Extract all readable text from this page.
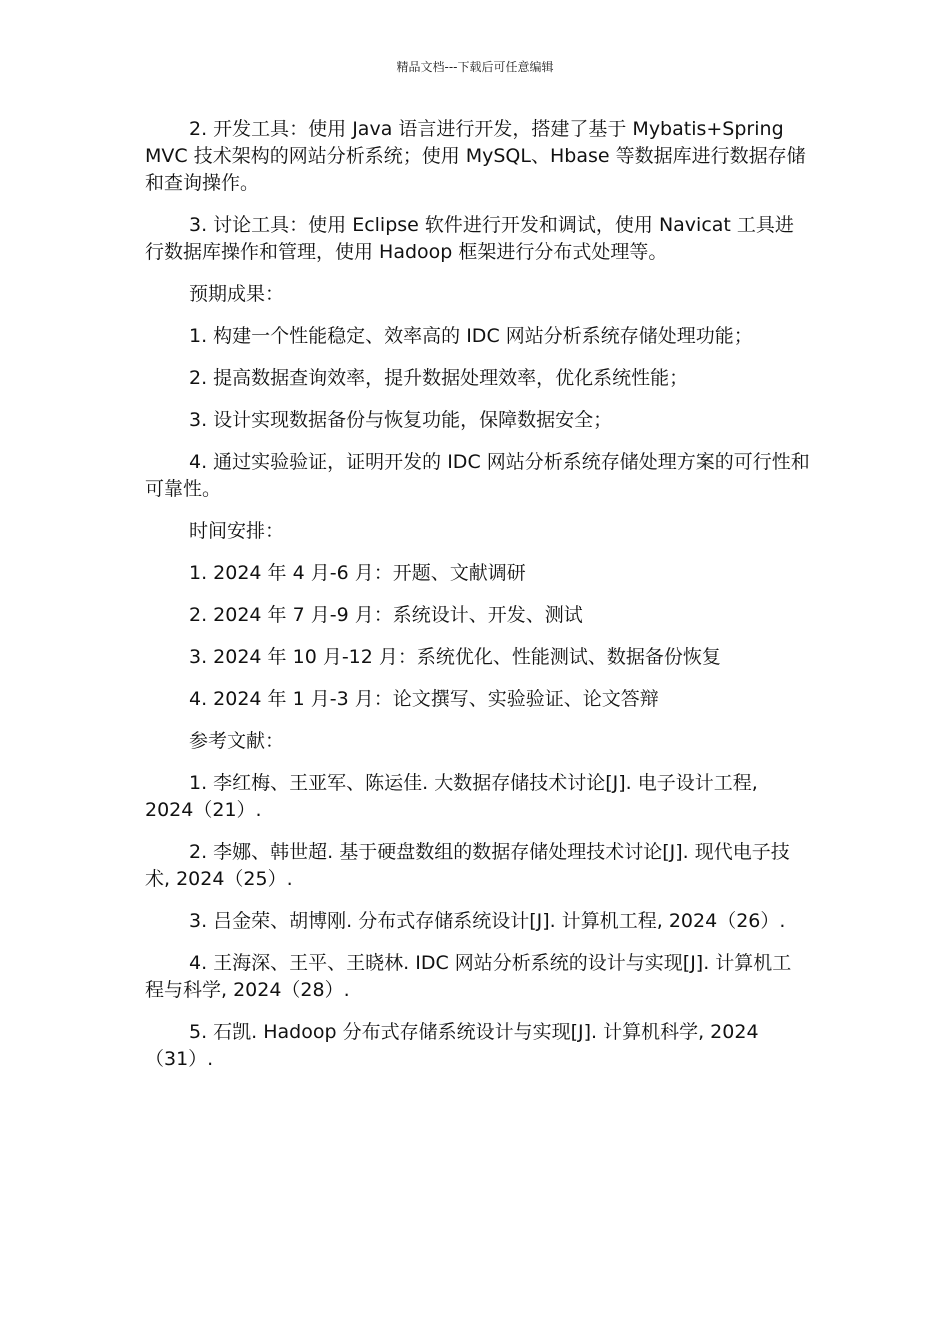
精品文档---下载后可任意编辑

2. 开发工具：使用 Java 语言进行开发，搭建了基于 Mybatis+Spring MVC 技术架构的网站分析系统；使用 MySQL、Hbase 等数据库进行数据存储和查询操作。

3. 讨论工具：使用 Eclipse 软件进行开发和调试，使用 Navicat 工具进行数据库操作和管理，使用 Hadoop 框架进行分布式处理等。

预期成果：

1. 构建一个性能稳定、效率高的 IDC 网站分析系统存储处理功能；

2. 提高数据查询效率，提升数据处理效率，优化系统性能；

3. 设计实现数据备份与恢复功能，保障数据安全；

4. 通过实验验证，证明开发的 IDC 网站分析系统存储处理方案的可行性和可靠性。

时间安排：

1. 2024 年 4 月-6 月：开题、文献调研

2. 2024 年 7 月-9 月：系统设计、开发、测试

3. 2024 年 10 月-12 月：系统优化、性能测试、数据备份恢复

4. 2024 年 1 月-3 月：论文撰写、实验验证、论文答辩

参考文献：

1. 李红梅、王亚军、陈运佳. 大数据存储技术讨论[J]. 电子设计工程, 2024（21）.

2. 李娜、韩世超. 基于硬盘数组的数据存储处理技术讨论[J]. 现代电子技术, 2024（25）.

3. 吕金荣、胡博刚. 分布式存储系统设计[J]. 计算机工程, 2024（26）.

4. 王海深、王平、王晓林. IDC 网站分析系统的设计与实现[J]. 计算机工程与科学, 2024（28）.

5. 石凯. Hadoop 分布式存储系统设计与实现[J]. 计算机科学, 2024（31）.
